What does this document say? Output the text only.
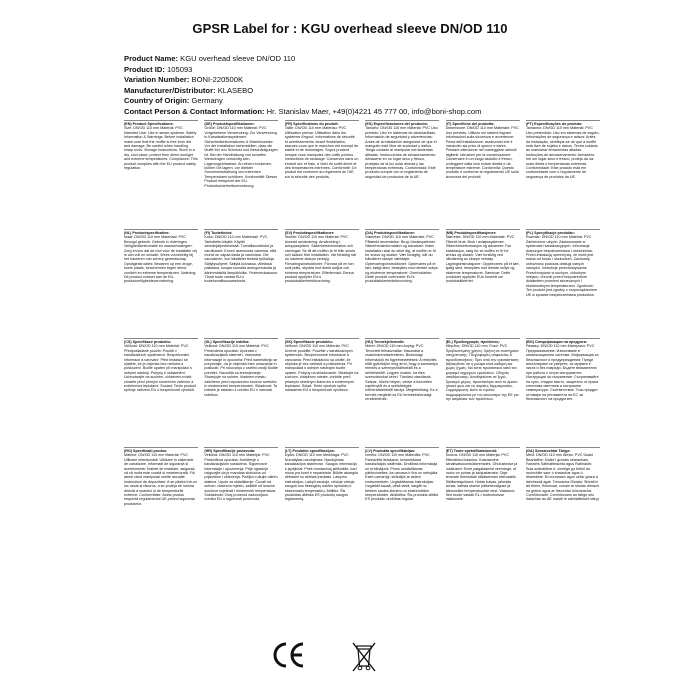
GPSR Label for : KGU overhead sleeve DN/OD 110
Product Name: KGU overhead sleeve DN/OD 110
Product ID: 105093
Variation Number: BONI-220500K
Manufacturer/Distributor: KLASEBO
Country of Origin: Germany
Contact Person & Contact Information: Hr. Stanislav Maer, +49(0)4221 45 777 00, info@boni-shop.com
(EN) Product Specifications:
Size: DN/OD 110 mm Material: PVC Intended Use: Use in sewer systems. Safety Information & Warnings: Before installation make sure that the muffle is free from dirt and damage. Be careful when handling sharp tools. Storage Instructions: Store in a dry, cool place, protect from direct sunlight and extreme temperatures. Compliance: This product complies with the EU product safety regulation.
(DE) Produktspezifikationen:
Größe: DN/OD 110 mm Material: PVC Vorgesehene Verwendung: Zur Verwendung in Kanalisationssystemen. Sicherheitsinformationen & Warnhinweise: Vor der Installation sicherstellen, dass die Muffe frei von Schmutz und Beschädigungen ist. Bei der Handhabung von scharfen Werkzeugen vorsichtig sein. Lagerungshinweise: An einem trockenen, kühlen Ort lagern, vor direkter Sonneneinstrahlung und extremen Temperaturen schützen. Konformität: Dieses Produkt entspricht der EU-Produktsicherheitsverordnung.
(FR) Spécifications du produit:
Taille: DN/OD 110 mm Matériau: PVC Utilisation prévue: Utilisation dans les systèmes d'égout. Informations de sécurité et avertissements: Avant l'installation, assurez-vous que le manchon est exempt de saleté et de dommages. Soyez prudent lorsque vous manipulez des outils pointus. Instructions de stockage: Conservez dans un endroit sec et frais, à l'abri du soleil direct et des températures extrêmes. Conformité: Ce produit est conforme au règlement de l'UE sur la sécurité des produits.
(ES) Especificaciones del producto:
Tamaño: DN/OD 110 mm Material: PVC Uso previsto: Uso en sistemas de alcantarillado. Información de seguridad y advertencias: Antes de la instalación asegúrese de que el manguito esté libre de suciedad y daños. Tenga cuidado al manipular herramientas afiladas. Instrucciones de almacenamiento: Almacene en un lugar seco y fresco, protéjalo de la luz solar directa y las temperaturas extremas. Conformidad: Este producto cumple con el reglamento de seguridad de productos de la UE.
(IT) Specifiche del prodotto:
Dimensione: DN/OD 110 mm Materiale: PVC Uso previsto: Utilizzo nei sistemi fognari. Informazioni sulla sicurezza e avvertenze: Prima dell'installazione, assicurarsi che il manicotto sia privo di sporco e danni. Prestare attenzione nel maneggiare utensili taglienti. Istruzioni per la conservazione: Conservare in un luogo asciutto e fresco, proteggere dalla luce solare diretta e da temperature estreme. Conformità: Questo prodotto è conforme al regolamento UE sulla sicurezza dei prodotti.
(PT) Especificações do produto:
Tamanho: DN/OD 110 mm Material: PVC Uso pretendido: Uso em sistemas de esgoto. Informações de segurança e avisos: Antes da instalação, certifique-se de que a muffle está livre de sujeira e danos. Tenha cuidado ao manusear ferramentas afiadas. Instruções de armazenamento: Armazene em um lugar seco e fresco, proteja da luz solar direta e temperaturas extremas. Conformidade: Este produto está em conformidade com o regulamento de segurança de produtos da UE.
(NL) Productspecificaties:
Maat: DN/OD 110 mm Materiaal: PVC Beoogd gebruik: Gebruik in rioleringen. Veiligheidsinformatie en waarschuwingen: Zorg ervoor dat de mof vóór de installatie vrij is van vuil en schade. Wees voorzichtig bij het hanteren van scherp gereedschap. Opslaginstructies: Bewaren op een droge, koele plaats, beschermen tegen direct zonlicht en extreme temperaturen. Naleving: Dit product voldoet aan de EU-productveiligheidsverordening.
(FI) Tuotetiedot:
Koko: DN/OD 110 mm Materiaali: PVC Tarkoitettu käyttö: Käyttö viemärijärjestelmissä. Turvallisuustiedot ja varoitukset: Ennen asennusta varmista, että muhvi on vapaa liasta ja vaurioista. Ole varovainen, kun käsittelet teräviä työkaluja. Säilytysohjeet: Säilytä kuivassa, viileässä paikassa, suojaa suoralta auringonvalolta ja äärimmäisiltä lämpötiloilta. Yhdenmukaisuus: Tämä tuote vastaa EU:n tuoteturvallisuusasetusta.
(SV) Produktspecifikationer:
Storlek: DN/OD 110 mm Material: PVC Avsedd användning: Användning i avloppssystem. Säkerhetsinformation och varningar: Se till att muffen är fri från smuts och skador före installation. Var försiktig när du hanterar skarpa verktyg. Förvaringsinstruktioner: Förvara på en torr, sval plats, skydda mot direkt solljus och extrema temperaturer. Efterlevnad: Denna produkt uppfyller EU:s produktsäkerhetsförordning.
(DA) Produktspecifikationer:
Størrelse: DN/OD 110 mm Materiale: PVC Påtænkt anvendelse: Brug i kloaksystemer. Sikkerhedsinformation og advarsler: Inden installation skal du sikre dig, at muffen er fri for snavs og skader. Vær forsigtig, når du håndterer skarpe værktøjer. Opbevaringsinstruktioner: Opbevares på et tørt, køligt sted, beskyttes mod direkte sollys og ekstreme temperaturer. Overholdelse: Dette produkt overholder EU's produktsikkerhedsforordning.
(NB) Produktspesifikasjoner:
Størrelse: DN/OD 110 mm Materiale: PVC Tiltenkt bruk: Bruk i avløpssystemer. Sikkerhetsinformasjon og advarsler: Før installasjon, sørg for at muffen er fri for smuss og skader. Vær forsiktig ved håndtering av skarpe verktøy. Lagringsinstruksjoner: Oppbevares på et tørt, kjølig sted, beskyttes mot direkte sollys og ekstreme temperaturer. Samsvar: Dette produktet oppfyller EUs forskrift om produktsikkerhet.
(PL) Specyfikacje produktu:
Rozmiar: DN/OD 110 mm Materiał: PVC Zamierzone użycie: Zastosowanie w systemach kanalizacyjnych. Informacje dotyczące bezpieczeństwa i ostrzeżenia: Przed instalacją upewnij się, że mufa jest wolna od brudu i uszkodzeń. Zachowaj ostrożność podczas obsługi ostrych narzędzi. Instrukcje przechowywania: Przechowywać w suchym, chłodnym miejscu, chronić przed bezpośrednim działaniem promieni słonecznych i ekstremalnymi temperaturami. Zgodność: Ten produkt jest zgodny z rozporządzeniem UE w sprawie bezpieczeństwa produktów.
(CS) Specifikace produktu:
Velikost: DN/OD 110 mm Materiál: PVC Předpokládané použití: Použití v kanalizačních systémech. Bezpečnostní informace a varování: Před instalací se ujistěte, že je objímka bez nečistot a poškození. Buďte opatrní při manipulaci s ostrými nástroji. Pokyny k uskladnění: Uchovávejte na suchém, chladném místě, chraňte před přímým slunečním zářením a extrémními teplotami. Soulad: Tento produkt splňuje nařízení EU o bezpečnosti výrobků.
(SL) Specifikacije izdelka:
Velikost: DN/OD 110 mm Material: PVC Predvidena uporaba: Uporaba v kanalizacijskih sistemih. Varnostne informacije in opozorila: Pred namestitvijo se prepričajte, da je objemka brez umazanije in poškodb. Pri rokovanju z ostrimi orodji bodite previdni. Navodila za shranjevanje: Shranjujte na suhem, hladnem mestu, zaščiteno pred neposredno sončno svetlobo in ekstremnimi temperaturami. Skladnost: Ta izdelek je skladen z uredbo EU o varnosti izdelkov.
(SK) Špecifikácie produktu:
Veľkosť: DN/OD 110 mm Materiál: PVC Určené použitie: Použitie v kanalizačných systémoch. Bezpečnostné informácie a varovania: Pred inštaláciou sa uistite, že objímka je bez nečistôt a poškodenia. Pri manipulácii s ostrými nástrojmi buďte opatrní. Pokyny na skladovanie: Skladujte na suchom, chladnom mieste, chráňte pred priamym slnečným žiarením a extrémnymi teplotami. Súlad: Tento výrobok spĺňa nariadenie EÚ o bezpečnosti výrobkov.
(HU) Termékjellemzők:
Méret: DN/OD 110 mm Anyag: PVC Tervezett felhasználás: Használat a csatornarendszerekben. Biztonsági információk és figyelmeztetések: A telepítés előtt győződjön meg arról, hogy a karmantyú mentes a szennyeződésektől és a sérülésektől. Legyen óvatos, ha éles szerszámokat kezel. Tárolási utasítások: Száraz, hűvös helyen, védve a közvetlen napfénytől és a szélsőséges hőmérsékletektől tárolja. Megfelelőség: Ez a termék megfelel az EU termékbiztonsági rendeletének.
(EL) Προδιαγραφές προϊόντος:
Μέγεθος: DN/OD 110 mm Υλικό: PVC Προβλεπόμενη χρήση: Χρήση σε συστήματα αποχέτευσης. Πληροφορίες ασφαλείας & προειδοποιήσεις: Πριν από την εγκατάσταση βεβαιωθείτε ότι η μούφα είναι καθαρή και χωρίς ζημιές. Να είστε προσεκτικοί κατά τον χειρισμό αιχμηρών εργαλείων. Οδηγίες αποθήκευσης: Αποθηκεύστε σε ξηρό, δροσερό μέρος, προστατέψτε από το άμεσο ηλιακό φως και τις ακραίες θερμοκρασίες. Συμμόρφωση: Αυτό το προϊόν συμμορφώνεται με τον κανονισμό της ΕΕ για την ασφάλεια των προϊόντων.
(BG) Спецификации на продукта:
Размер: DN/OD 110 mm Материал: PVC Предназначение: Използване в канализационни системи. Информация за безопасност и предупреждения: Преди инсталиране се уверете, че муфата е чиста и без повреди. Бъдете внимателни при работа с остри инструменти. Инструкции за съхранение: Съхранявайте на сухо, хладно място, защитено от пряка слънчева светлина и екстремни температури. Съответствие: Този продукт отговаря на регламента на ЕС за безопасност на продуктите.
(RO) Specificații produs:
Mărime: DN/OD 110 mm Material: PVC Utilizare intenționată: Utilizare în sistemele de canalizare. Informații de siguranță și avertismente: Înainte de instalare, asigurați-vă că mufa este curată și nedeteriorată. Fiți atenți când manipulați unelte ascuțite. Instrucțiuni de depozitare: A se păstra într-un loc uscat și răcoros, a se proteja de lumina directă a soarelui și de temperaturile extreme. Conformitate: Acest produs respectă regulamentul UE privind siguranța produselor.
(HR) Specifikacije proizvoda:
Veličina: DN/OD 110 mm Materijal: PVC Predviđena uporaba: Korištenje u kanalizacijskim sustavima. Sigurnosne informacije i upozorenja: Prije ugradnje osigurajte da je mandala slobodna od prljavštine i oštećenja. Pažljivo rukujte oštrim alatima. Upute za skladištenje: Čuvati na suhom, hladnom mjestu, zaštititi od izravne sunčeve svjetlosti i ekstremnih temperatura. Sukladnost: Ovaj proizvod zadovoljava uredbu EU o sigurnosti proizvoda.
(LT) Produkto specifikacijos:
Dydis: DN/OD 110 mm Medžiaga: PVC Numatytas naudojimas: Naudojimas kanalizacijos sistemose. Saugos informacija ir įspėjimai: Prieš montavimą įsitikinkite, kad mova yra švari ir nepažeista. Būkite atsargūs dirbdami su aštriais įrankiais. Laikymo instrukcijos: Laikyti sausoje, vėsioje vietoje, saugoti nuo tiesioginių saulės spindulių ir ekstremalių temperatūrų. Atitiktis: Šis produktas atitinka ES produktų saugos reglamentą.
(LV) Produkta specifikācijas:
Izmērs: DN/OD 110 mm Materiāls: PVC Paredzētā lietošana: Izmantošana kanalizācijas sistēmās. Drošības informācija un brīdinājumi: Pirms uzstādīšanas pārliecinieties, ka uzmava ir tīra un nebojāta. Esiet uzmanīgi, strādājot ar asiem instrumentiem. Uzglabāšanas instrukcijas: Uzglabāt sausā, vēsā vietā, sargāt no tiešiem saules stariem un ekstremālām temperatūrām. Atbilstība: Šis produkts atbilst ES produktu drošības regulai.
(ET) Toote spetsifikatsioonid:
Suurus: DN/OD 110 mm Materjal: PVC Ettenähtud kasutus: Kasutamine kanalisatsioonisüsteemides. Ohutusteave ja hoiatused: Enne paigaldamist veenduge, et muhv on puhas ja kahjustamata. Olge teravate tööriistade käsitsemisel ettevaatlik. Säilitamisjuhised: Hoida kuivas, jahedas kohas, kaitsta otsese päikesevalguse ja äärmuslike temperatuuride eest. Vastavus: See toode vastab EL-i tooteohutuse määrusele.
(GA) Sonraíochtaí Táirge:
Méid: DN/OD 110 mm Ábhar: PVC Úsáid Beartaithe: Úsáid i gcórais séarachais. Faisnéis Sábháilteachta agus Rabhaidh: Sula suiteáiltear é, cinntigh go bhfuil an muinchille saor ó shalachar agus ó dhamáiste. Bí cúramach agus uirlisí géara á láimhseáil agat. Treoracha Stórála: Stóráil in áit thirim, fhionnuar, cosain ar sholas díreach na gréine agus ar theochtaí foircneacha. Comhlíonadh: Comhlíonann an táirge seo rialachán an AE maidir le sábháilteacht táirgí.
